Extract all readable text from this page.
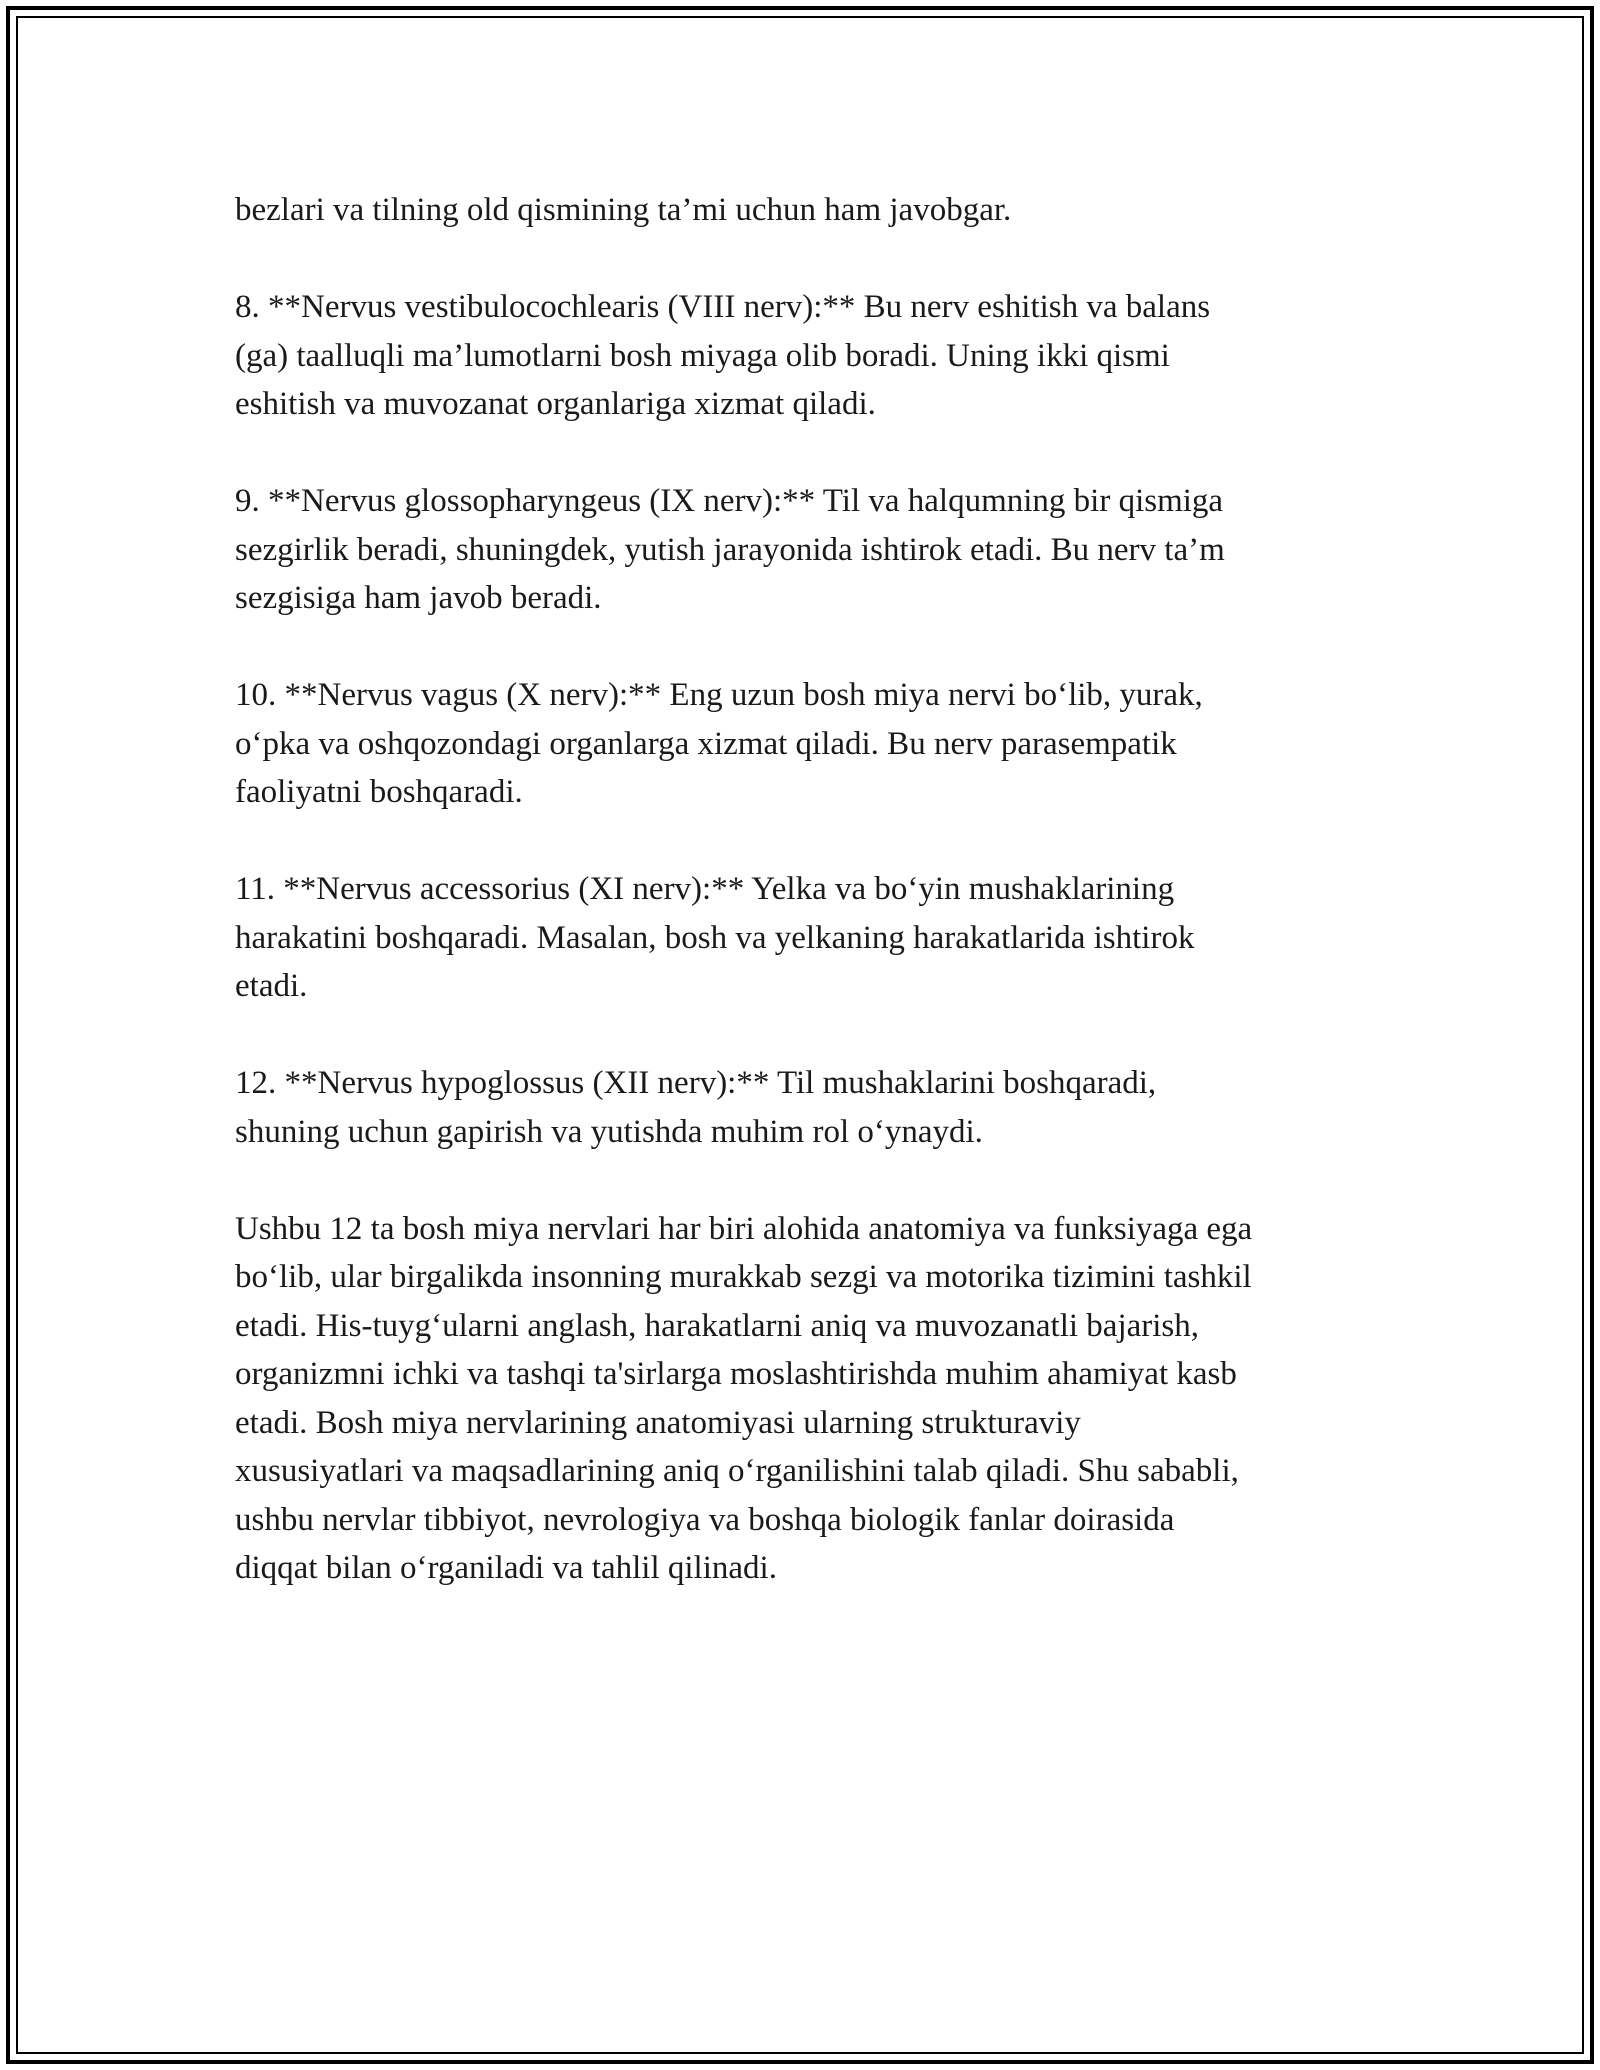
bezlari va tilning old qismining ta’mi uchun ham javobgar.

8. **Nervus vestibulocochlearis (VIII nerv):** Bu nerv eshitish va balans
(ga) taalluqli ma’lumotlarni bosh miyaga olib boradi. Uning ikki qismi
eshitish va muvozanat organlariga xizmat qiladi.

9. **Nervus glossopharyngeus (IX nerv):** Til va halqumning bir qismiga
sezgirlik beradi, shuningdek, yutish jarayonida ishtirok etadi. Bu nerv ta’m
sezgisiga ham javob beradi.

10. **Nervus vagus (X nerv):** Eng uzun bosh miya nervi bo‘lib, yurak,
o‘pka va oshqozondagi organlarga xizmat qiladi. Bu nerv parasempatik
faoliyatni boshqaradi.

11. **Nervus accessorius (XI nerv):** Yelka va bo‘yin mushaklarining
harakatini boshqaradi. Masalan, bosh va yelkaning harakatlarida ishtirok
etadi.

12. **Nervus hypoglossus (XII nerv):** Til mushaklarini boshqaradi,
shuning uchun gapirish va yutishda muhim rol o‘ynaydi.

Ushbu 12 ta bosh miya nervlari har biri alohida anatomiya va funksiyaga ega
bo‘lib, ular birgalikda insonning murakkab sezgi va motorika tizimini tashkil
etadi. His-tuyg‘ularni anglash, harakatlarni aniq va muvozanatli bajarish,
organizmni ichki va tashqi ta'sirlarga moslashtirishda muhim ahamiyat kasb
etadi. Bosh miya nervlarining anatomiyasi ularning strukturaviy
xususiyatlari va maqsadlarining aniq o‘rganilishini talab qiladi. Shu sababli,
ushbu nervlar tibbiyot, nevrologiya va boshqa biologik fanlar doirasida
diqqat bilan o‘rganiladi va tahlil qilinadi.
